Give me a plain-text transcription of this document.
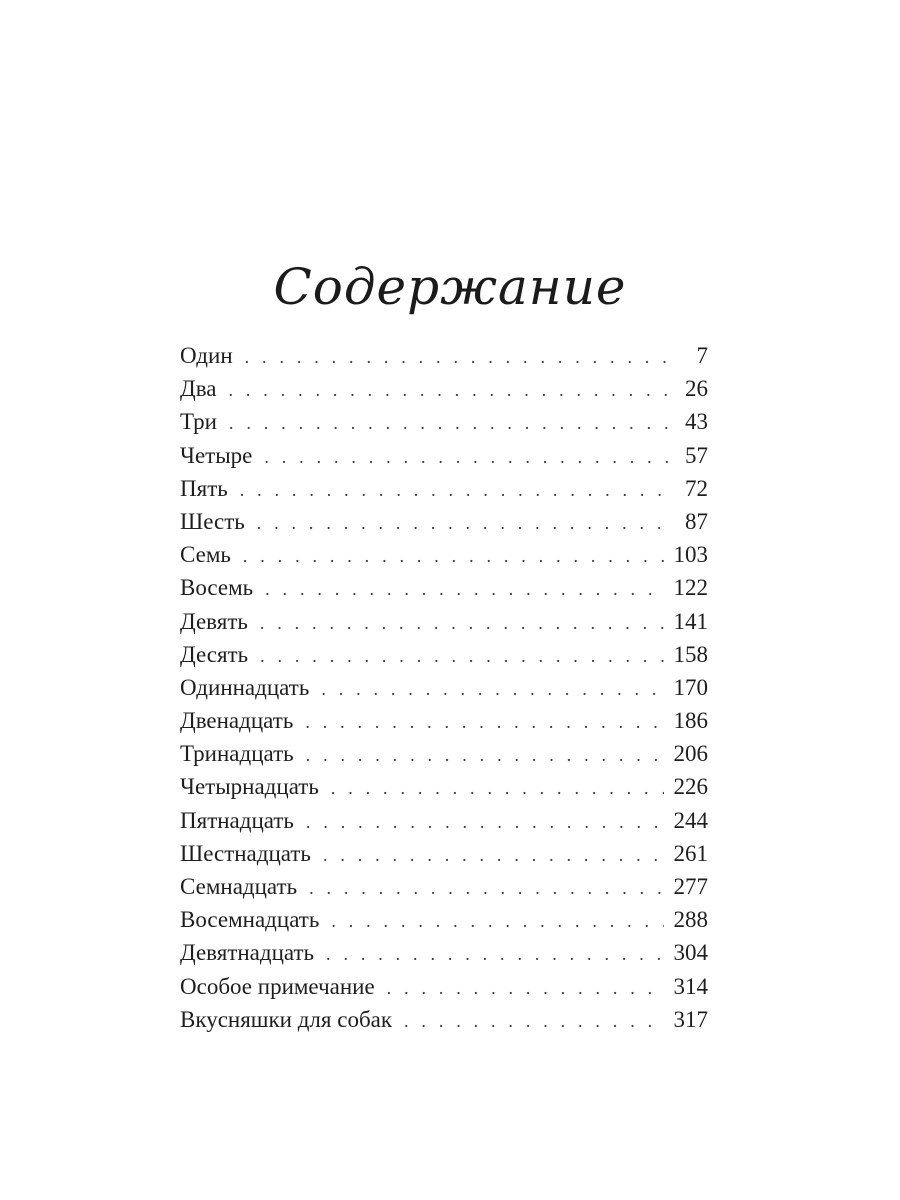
Содержание
Один . . .	7
Два . . .	26
Три . . .	43
Четыре . . .	57
Пять . . .	72
Шесть . . .	87
Семь . . .	103
Восемь . . .	122
Девять . . .	141
Десять . . .	158
Одиннадцать . . .	170
Двенадцать . . .	186
Тринадцать . . .	206
Четырнадцать . . .	226
Пятнадцать . . .	244
Шестнадцать . . .	261
Семнадцать . . .	277
Восемнадцать . . .	288
Девятнадцать . . .	304
Особое примечание . . .	314
Вкусняшки для собак . . .	317
